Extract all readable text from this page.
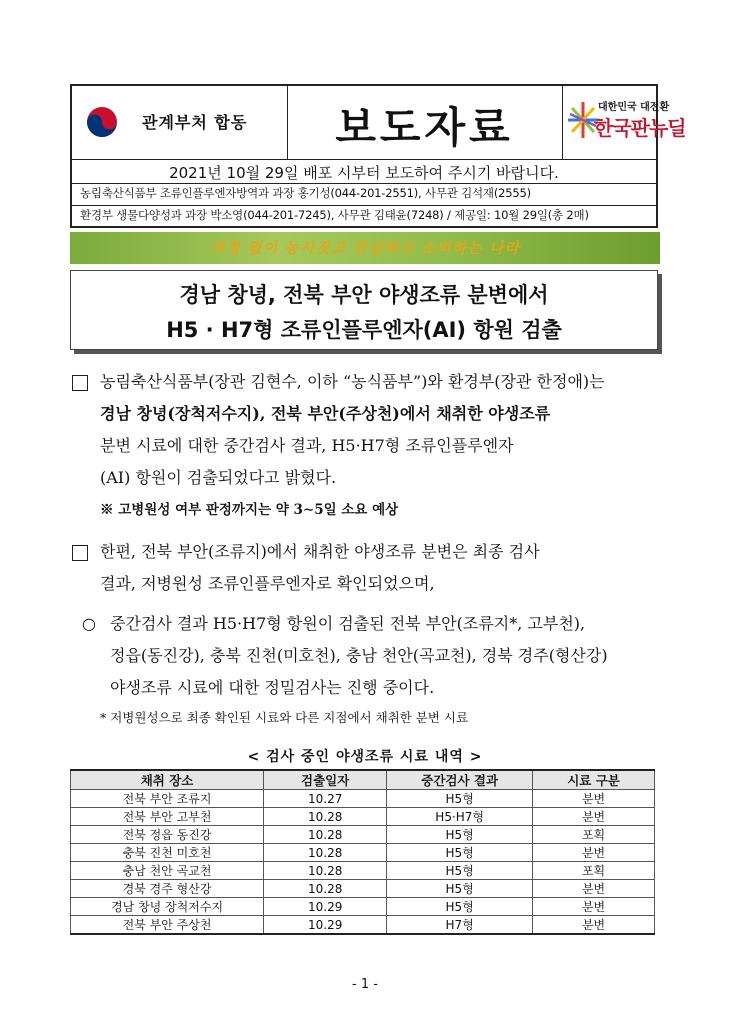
관계부처 합동	보도자료	대한민국 대전환
한국판뉴딜
2021년 10월 29일 배포 시부터 보도하여 주시기 바랍니다.
농림축산식품부 조류인플루엔자방역과 과장 홍기성(044-201-2551), 사무관 김석재(2555)
환경부 생물다양성과 과장 박소영(044-201-7245), 사무관 김태윤(7248) / 제공일: 10월 29일(총 2매)
걱정 없이 농사짓고 안심하고 소비하는 나라
경남 창녕, 전북 부안 야생조류 분변에서
H5 · H7형 조류인플루엔자(AI) 항원 검출
농림축산식품부(장관 김현수, 이하 “농식품부”)와 환경부(장관 한정애)는
경남 창녕(장척저수지), 전북 부안(주상천)에서 채취한 야생조류
분변 시료에 대한 중간검사 결과, H5·H7형 조류인플루엔자
(AI) 항원이 검출되었다고 밝혔다.
※ 고병원성 여부 판정까지는 약 3∼5일 소요 예상
한편, 전북 부안(조류지)에서 채취한 야생조류 분변은 최종 검사
결과, 저병원성 조류인플루엔자로 확인되었으며,
○ 중간검사 결과 H5·H7형 항원이 검출된 전북 부안(조류지*, 고부천),
정읍(동진강), 충북 진천(미호천), 충남 천안(곡교천), 경북 경주(형산강)
야생조류 시료에 대한 정밀검사는 진행 중이다.
* 저병원성으로 최종 확인된 시료와 다른 지점에서 채취한 분변 시료
< 검사 중인 야생조류 시료 내역 >
채취 장소	검출일자	중간검사 결과	시료 구분
전북 부안 조류지	10.27	H5형	분변
전북 부안 고부천	10.28	H5·H7형	분변
전북 정읍 동진강	10.28	H5형	포획
충북 진천 미호천	10.28	H5형	분변
충남 천안 곡교천	10.28	H5형	포획
경북 경주 형산강	10.28	H5형	분변
경남 창녕 장척저수지	10.29	H5형	분변
전북 부안 주상천	10.29	H7형	분변
- 1 -
